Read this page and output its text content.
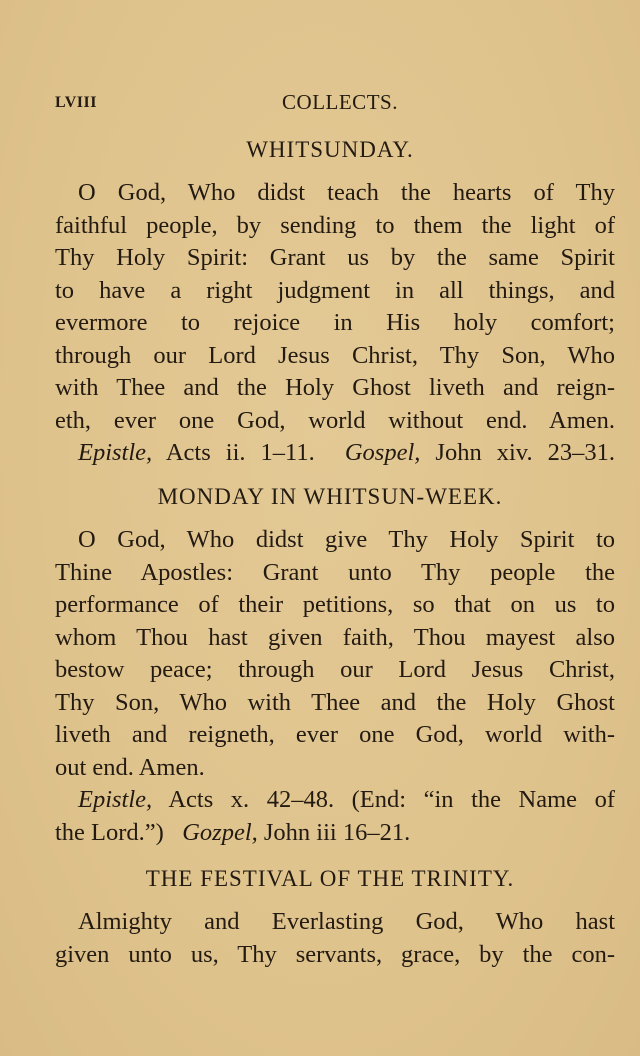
LVIII	COLLECTS.
WHITSUNDAY.
O God, Who didst teach the hearts of Thy
faithful people, by sending to them the light of
Thy Holy Spirit: Grant us by the same Spirit
to have a right judgment in all things, and
evermore to rejoice in His holy comfort;
through our Lord Jesus Christ, Thy Son, Who
with Thee and the Holy Ghost liveth and reign-
eth, ever one God, world without end. Amen.
Epistle, Acts ii. 1–11. Gospel, John xiv. 23–31.
MONDAY IN WHITSUN-WEEK.
O God, Who didst give Thy Holy Spirit to
Thine Apostles: Grant unto Thy people the
performance of their petitions, so that on us to
whom Thou hast given faith, Thou mayest also
bestow peace; through our Lord Jesus Christ,
Thy Son, Who with Thee and the Holy Ghost
liveth and reigneth, ever one God, world with-
out end. Amen.
Epistle, Acts x. 42–48. (End: “in the Name of
the Lord.”) Gozpel, John iii 16–21.
THE FESTIVAL OF THE TRINITY.
Almighty and Everlasting God, Who hast
given unto us, Thy servants, grace, by the con-
